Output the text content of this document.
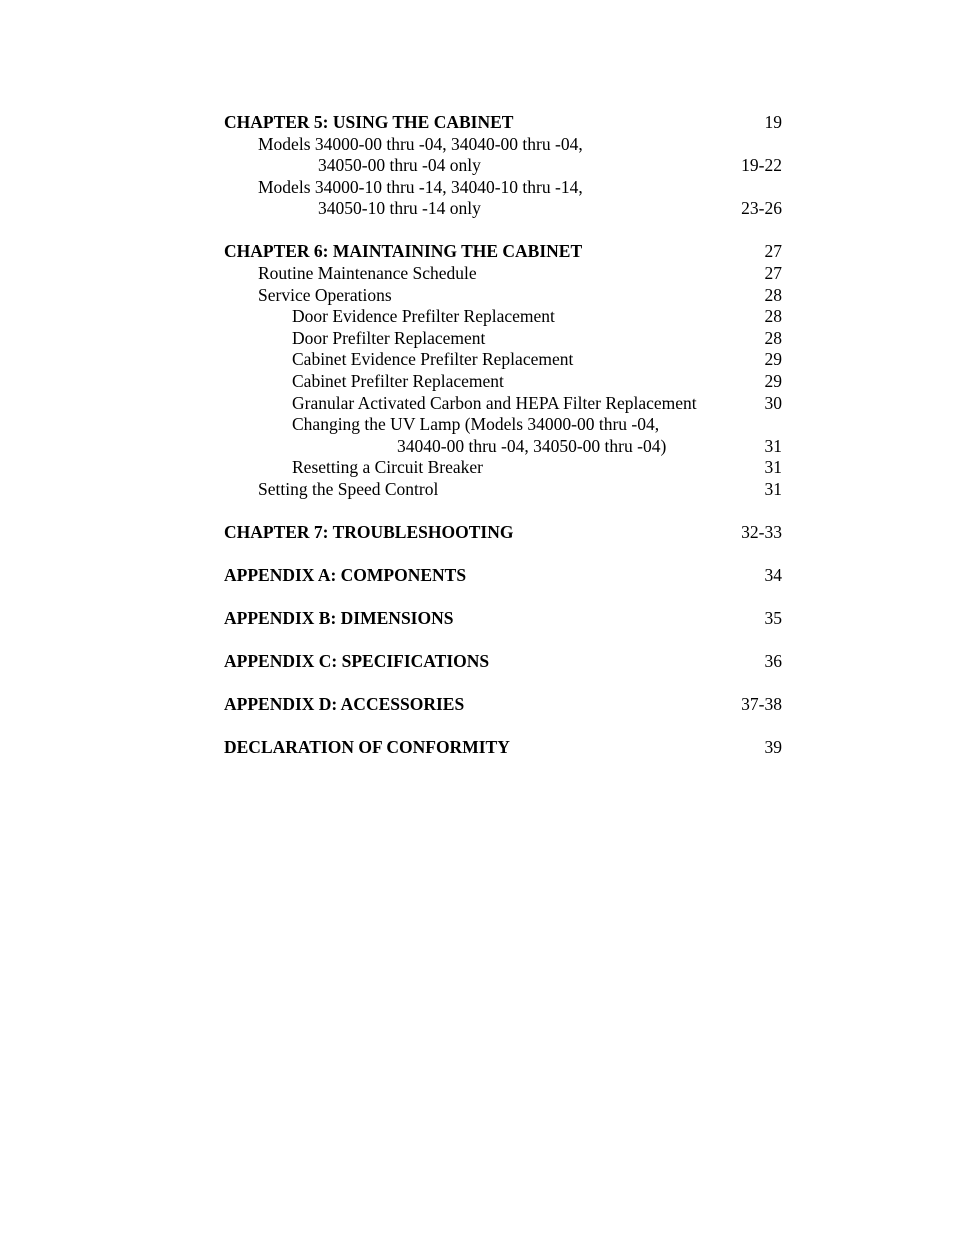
CHAPTER 5: USING THE CABINET	19
Models 34000-00 thru -04, 34040-00 thru -04,
34050-00 thru -04 only	19-22
Models 34000-10 thru -14, 34040-10 thru -14,
34050-10 thru -14 only	23-26
CHAPTER 6: MAINTAINING THE CABINET	27
Routine Maintenance Schedule	27
Service Operations	28
Door Evidence Prefilter Replacement	28
Door Prefilter Replacement	28
Cabinet Evidence Prefilter Replacement	29
Cabinet Prefilter Replacement	29
Granular Activated Carbon and HEPA Filter Replacement	30
Changing the UV Lamp (Models 34000-00 thru -04,
34040-00 thru -04, 34050-00 thru -04)	31
Resetting a Circuit Breaker	31
Setting the Speed Control	31
CHAPTER 7: TROUBLESHOOTING	32-33
APPENDIX A: COMPONENTS	34
APPENDIX B: DIMENSIONS	35
APPENDIX C: SPECIFICATIONS	36
APPENDIX D: ACCESSORIES	37-38
DECLARATION OF CONFORMITY	39
